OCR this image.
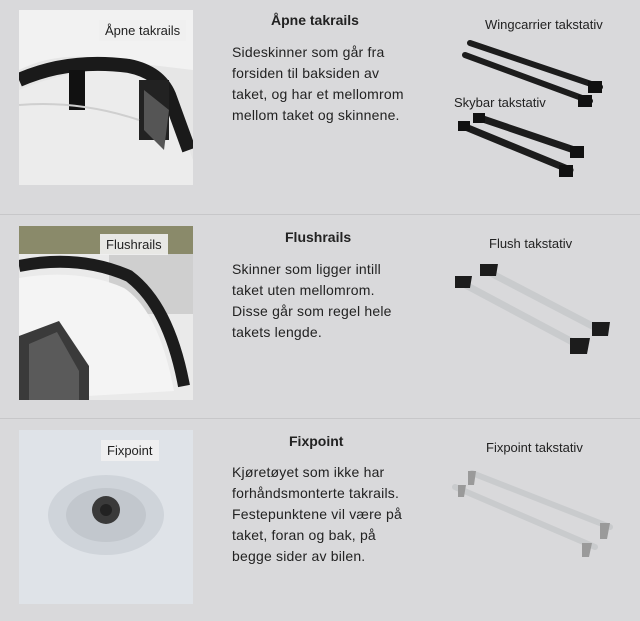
Åpne takrails
Åpne takrails
Sideskinner som går fra forsiden til baksiden av taket, og har et mellomrom mellom taket og skinnene.
Wingcarrier takstativ
Skybar takstativ
Flushrails	Flushrails
Skinner som ligger intill taket uten mellomrom. Disse går som regel hele takets lengde.
Flush takstativ
Fixpoint
Fixpoint
Kjøretøyet som ikke har forhåndsmonterte takrails. Festepunktene vil være på taket, foran og bak, på begge sider av bilen.
Fixpoint takstativ
